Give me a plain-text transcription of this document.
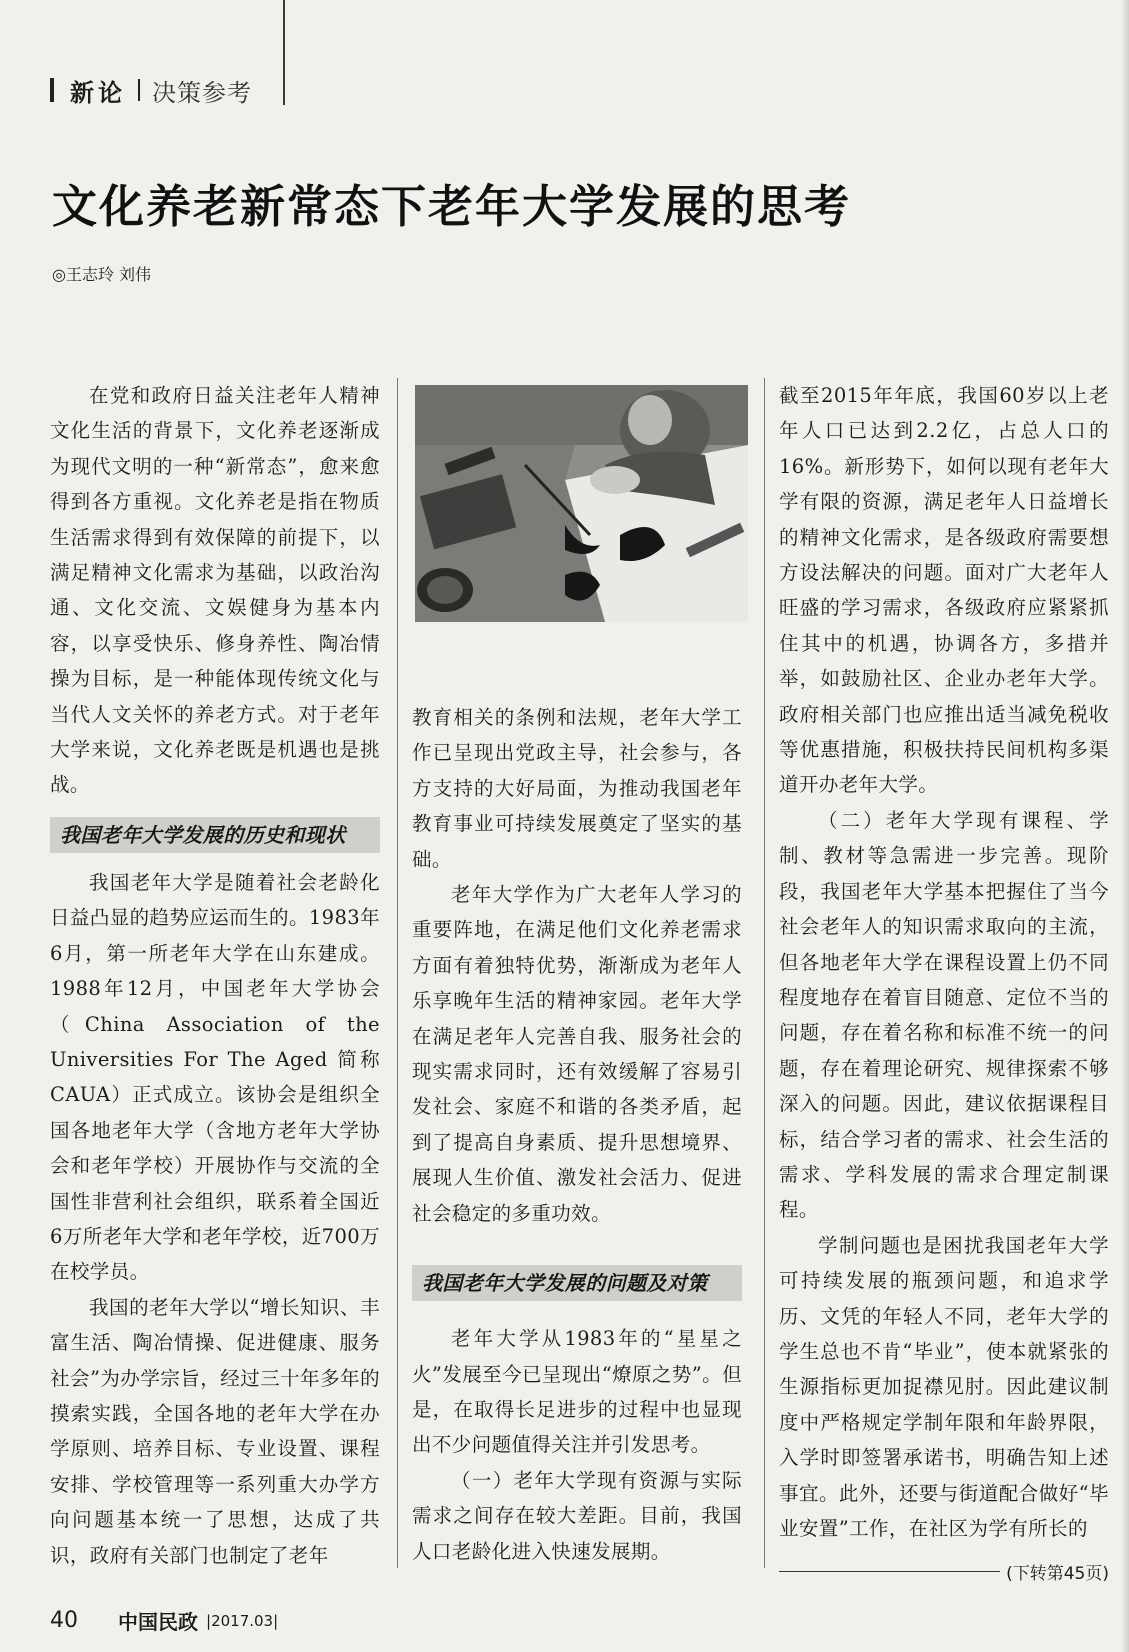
新论 决策参考
文化养老新常态下老年大学发展的思考
◎王志玲 刘伟

在党和政府日益关注老年人精神文化生活的背景下，文化养老逐渐成为现代文明的一种“新常态”，愈来愈得到各方重视。文化养老是指在物质生活需求得到有效保障的前提下，以满足精神文化需求为基础，以政治沟通、文化交流、文娱健身为基本内容，以享受快乐、修身养性、陶冶情操为目标，是一种能体现传统文化与当代人文关怀的养老方式。对于老年大学来说，文化养老既是机遇也是挑战。

我国老年大学发展的历史和现状

我国老年大学是随着社会老龄化日益凸显的趋势应运而生的。1983年6月，第一所老年大学在山东建成。1988年12月，中国老年大学协会（China Association of the Universities For The Aged 简称CAUA）正式成立。该协会是组织全国各地老年大学（含地方老年大学协会和老年学校）开展协作与交流的全国性非营利社会组织，联系着全国近6万所老年大学和老年学校，近700万在校学员。

我国的老年大学以“增长知识、丰富生活、陶冶情操、促进健康、服务社会”为办学宗旨，经过三十年多年的摸索实践，全国各地的老年大学在办学原则、培养目标、专业设置、课程安排、学校管理等一系列重大办学方向问题基本统一了思想，达成了共识，政府有关部门也制定了老年

教育相关的条例和法规，老年大学工作已呈现出党政主导，社会参与，各方支持的大好局面，为推动我国老年教育事业可持续发展奠定了坚实的基础。

老年大学作为广大老年人学习的重要阵地，在满足他们文化养老需求方面有着独特优势，渐渐成为老年人乐享晚年生活的精神家园。老年大学在满足老年人完善自我、服务社会的现实需求同时，还有效缓解了容易引发社会、家庭不和谐的各类矛盾，起到了提高自身素质、提升思想境界、展现人生价值、激发社会活力、促进社会稳定的多重功效。

我国老年大学发展的问题及对策

老年大学从1983年的“星星之火”发展至今已呈现出“燎原之势”。但是，在取得长足进步的过程中也显现出不少问题值得关注并引发思考。

（一）老年大学现有资源与实际需求之间存在较大差距。目前，我国人口老龄化进入快速发展期。

截至2015年年底，我国60岁以上老年人口已达到2.2亿，占总人口的16%。新形势下，如何以现有老年大学有限的资源，满足老年人日益增长的精神文化需求，是各级政府需要想方设法解决的问题。面对广大老年人旺盛的学习需求，各级政府应紧紧抓住其中的机遇，协调各方，多措并举，如鼓励社区、企业办老年大学。政府相关部门也应推出适当减免税收等优惠措施，积极扶持民间机构多渠道开办老年大学。

（二）老年大学现有课程、学制、教材等急需进一步完善。现阶段，我国老年大学基本把握住了当今社会老年人的知识需求取向的主流，但各地老年大学在课程设置上仍不同程度地存在着盲目随意、定位不当的问题，存在着名称和标准不统一的问题，存在着理论研究、规律探索不够深入的问题。因此，建议依据课程目标，结合学习者的需求、社会生活的需求、学科发展的需求合理定制课程。

学制问题也是困扰我国老年大学可持续发展的瓶颈问题，和追求学历、文凭的年轻人不同，老年大学的学生总也不肯“毕业”，使本就紧张的生源指标更加捉襟见肘。因此建议制度中严格规定学制年限和年龄界限，入学时即签署承诺书，明确告知上述事宜。此外，还要与街道配合做好“毕业安置”工作，在社区为学有所长的

(下转第45页)
40 中国民政 |2017.03|
